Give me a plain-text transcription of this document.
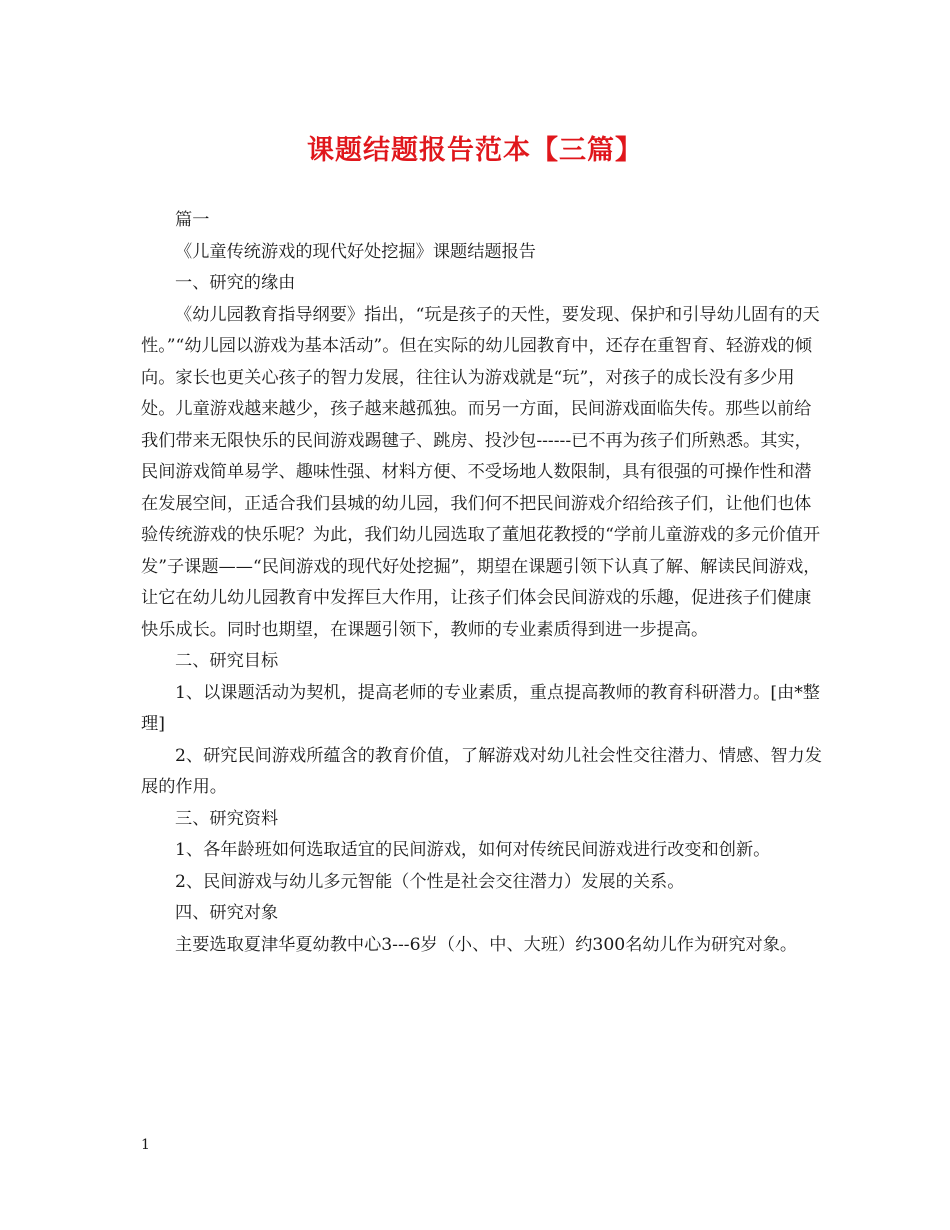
课题结题报告范本【三篇】

篇一

《儿童传统游戏的现代好处挖掘》课题结题报告

一、研究的缘由

《幼儿园教育指导纲要》指出，“玩是孩子的天性，要发现、保护和引导幼儿固有的天性。”“幼儿园以游戏为基本活动”。但在实际的幼儿园教育中，还存在重智育、轻游戏的倾向。家长也更关心孩子的智力发展，往往认为游戏就是“玩”，对孩子的成长没有多少用处。儿童游戏越来越少，孩子越来越孤独。而另一方面，民间游戏面临失传。那些以前给我们带来无限快乐的民间游戏踢毽子、跳房、投沙包------已不再为孩子们所熟悉。其实，民间游戏简单易学、趣味性强、材料方便、不受场地人数限制，具有很强的可操作性和潜在发展空间，正适合我们县城的幼儿园，我们何不把民间游戏介绍给孩子们，让他们也体验传统游戏的快乐呢？为此，我们幼儿园选取了董旭花教授的“学前儿童游戏的多元价值开发”子课题——“民间游戏的现代好处挖掘”，期望在课题引领下认真了解、解读民间游戏，让它在幼儿幼儿园教育中发挥巨大作用，让孩子们体会民间游戏的乐趣，促进孩子们健康快乐成长。同时也期望，在课题引领下，教师的专业素质得到进一步提高。

二、研究目标

1、以课题活动为契机，提高老师的专业素质，重点提高教师的教育科研潜力。[由*整理]

2、研究民间游戏所蕴含的教育价值，了解游戏对幼儿社会性交往潜力、情感、智力发展的作用。

三、研究资料

1、各年龄班如何选取适宜的民间游戏，如何对传统民间游戏进行改变和创新。

2、民间游戏与幼儿多元智能（个性是社会交往潜力）发展的关系。

四、研究对象

主要选取夏津华夏幼教中心3---6岁（小、中、大班）约300名幼儿作为研究对象。

1
